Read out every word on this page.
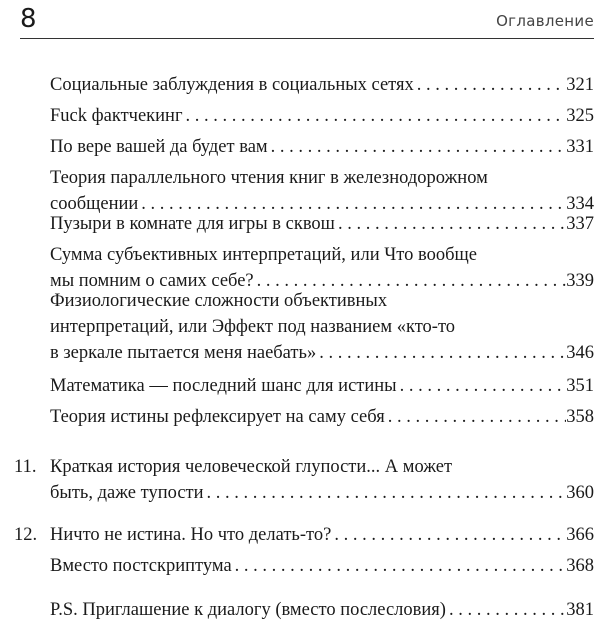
8	Оглавление
Социальные заблуждения в социальных сетях . . .	321
Fuck фактчекинг . . .	325
По вере вашей да будет вам . . .	331
Теория параллельного чтения книг в железнодорожном
сообщении . . .	334
Пузыри в комнате для игры в сквош . . .	337
Сумма субъективных интерпретаций, или Что вообще
мы помним о самих себе? . . .	339
Физиологические сложности объективных
интерпретаций, или Эффект под названием «кто-то
в зеркале пытается меня наебать» . . .	346
Математика — последний шанс для истины . . .	351
Теория истины рефлексирует на саму себя . . .	358
11. Краткая история человеческой глупости... А может
быть, даже тупости . . .	360
12. Ничто не истина. Но что делать-то? . . .	366
Вместо постскриптума . . .	368
P.S. Приглашение к диалогу (вместо послесловия) . . .	381
